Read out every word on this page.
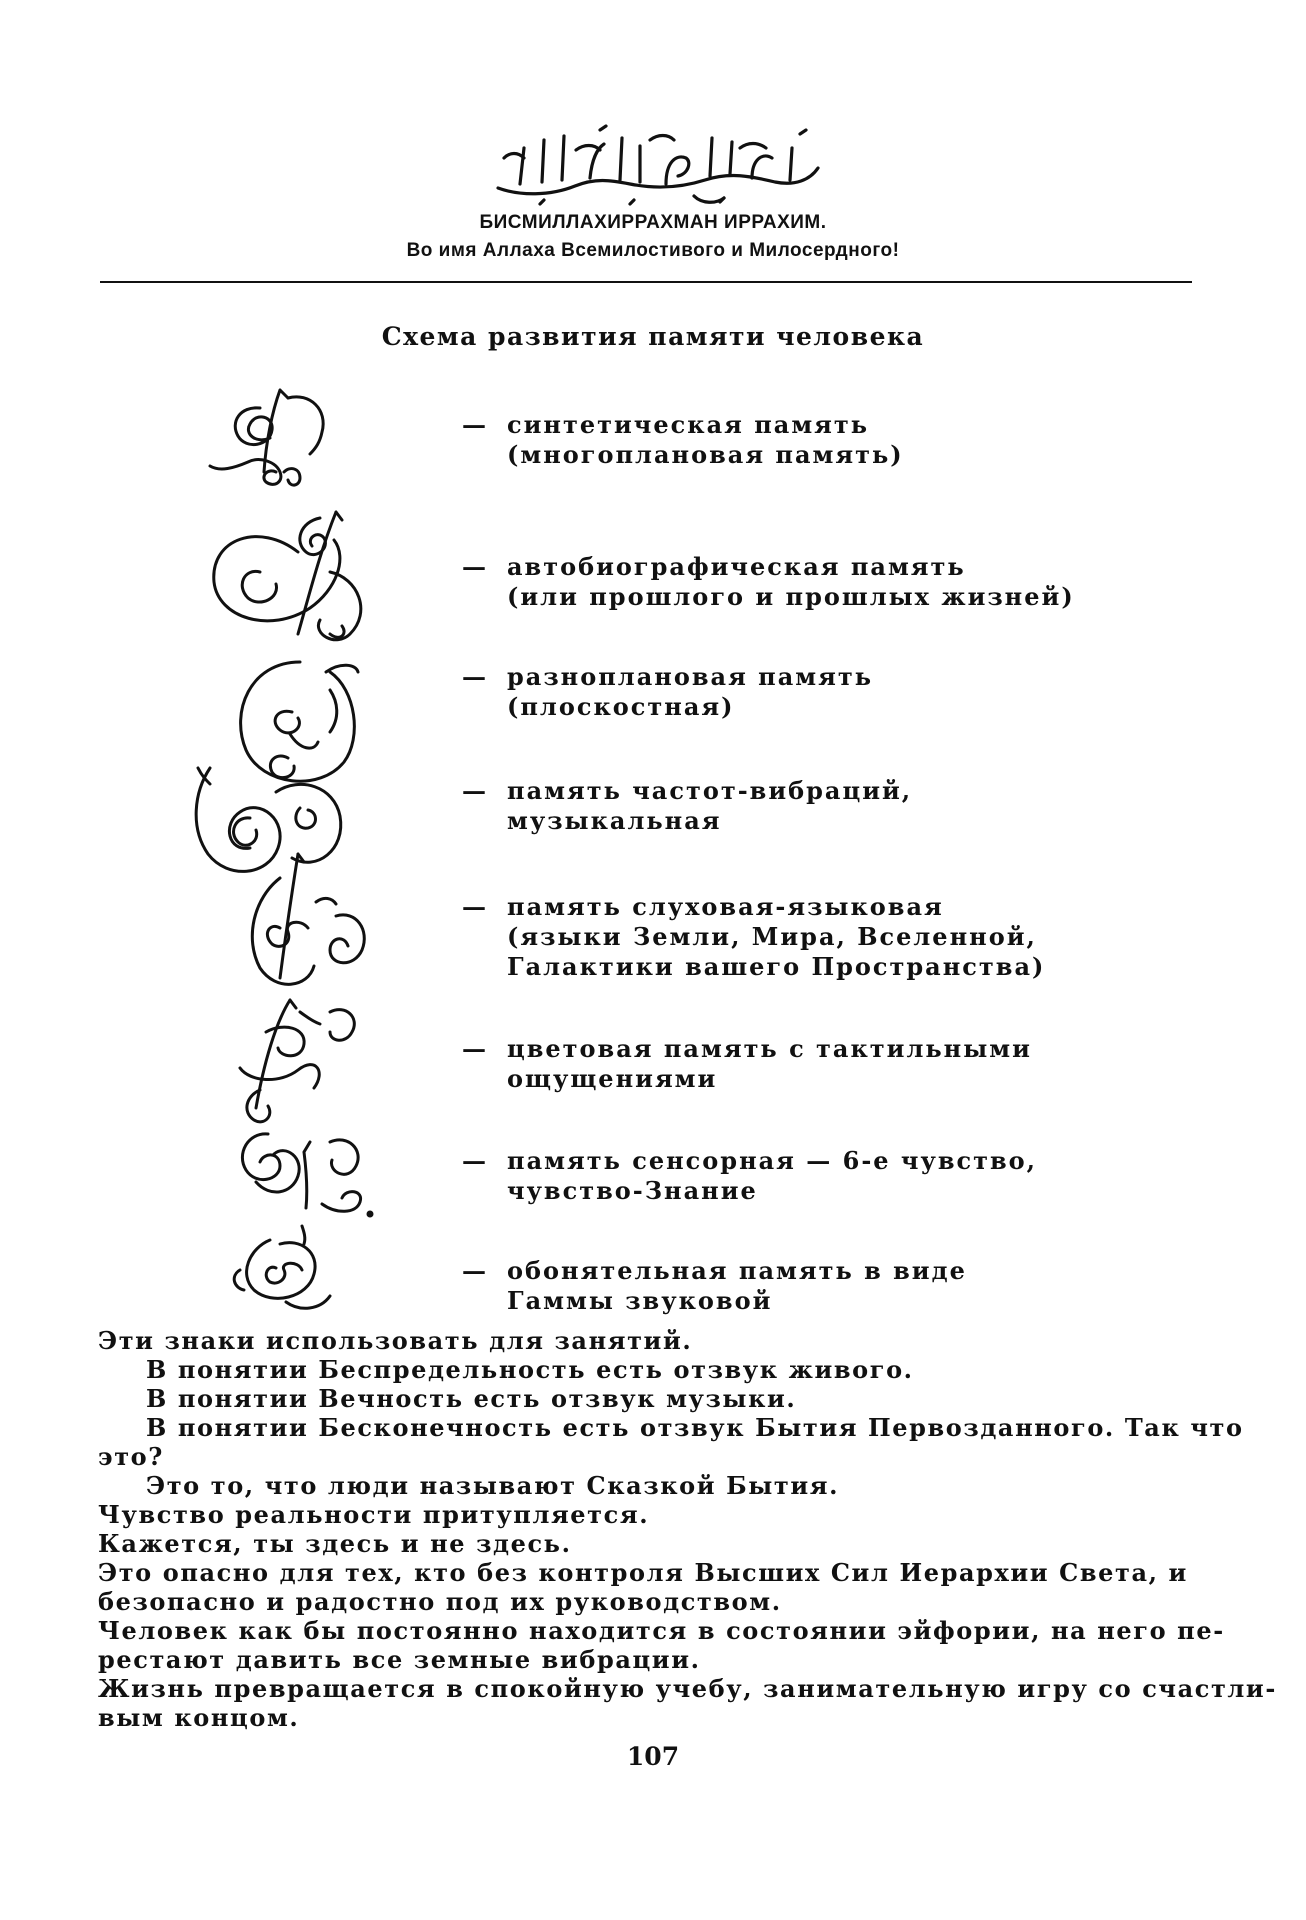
БИСМИЛЛАХИРРАХМАН ИРРАХИМ.
Во имя Аллаха Всемилостивого и Милосердного!
Схема развития памяти человека
— синтетическая память
(многоплановая память)
— автобиографическая память
(или прошлого и прошлых жизней)
— разноплановая память
(плоскостная)
— память частот-вибраций,
музыкальная
— память слуховая-языковая
(языки Земли, Мира, Вселенной,
Галактики вашего Пространства)
— цветовая память с тактильными
ощущениями
— память сенсорная — 6-е чувство,
чувство-Знание
— обонятельная память в виде
Гаммы звуковой
Эти знаки использовать для занятий.
В понятии Беспредельность есть отзвук живого.
В понятии Вечность есть отзвук музыки.
В понятии Бесконечность есть отзвук Бытия Первозданного. Так что
это?
Это то, что люди называют Сказкой Бытия.
Чувство реальности притупляется.
Кажется, ты здесь и не здесь.
Это опасно для тех, кто без контроля Высших Сил Иерархии Света, и
безопасно и радостно под их руководством.
Человек как бы постоянно находится в состоянии эйфории, на него пе-
рестают давить все земные вибрации.
Жизнь превращается в спокойную учебу, занимательную игру со счастли-
вым концом.
107
